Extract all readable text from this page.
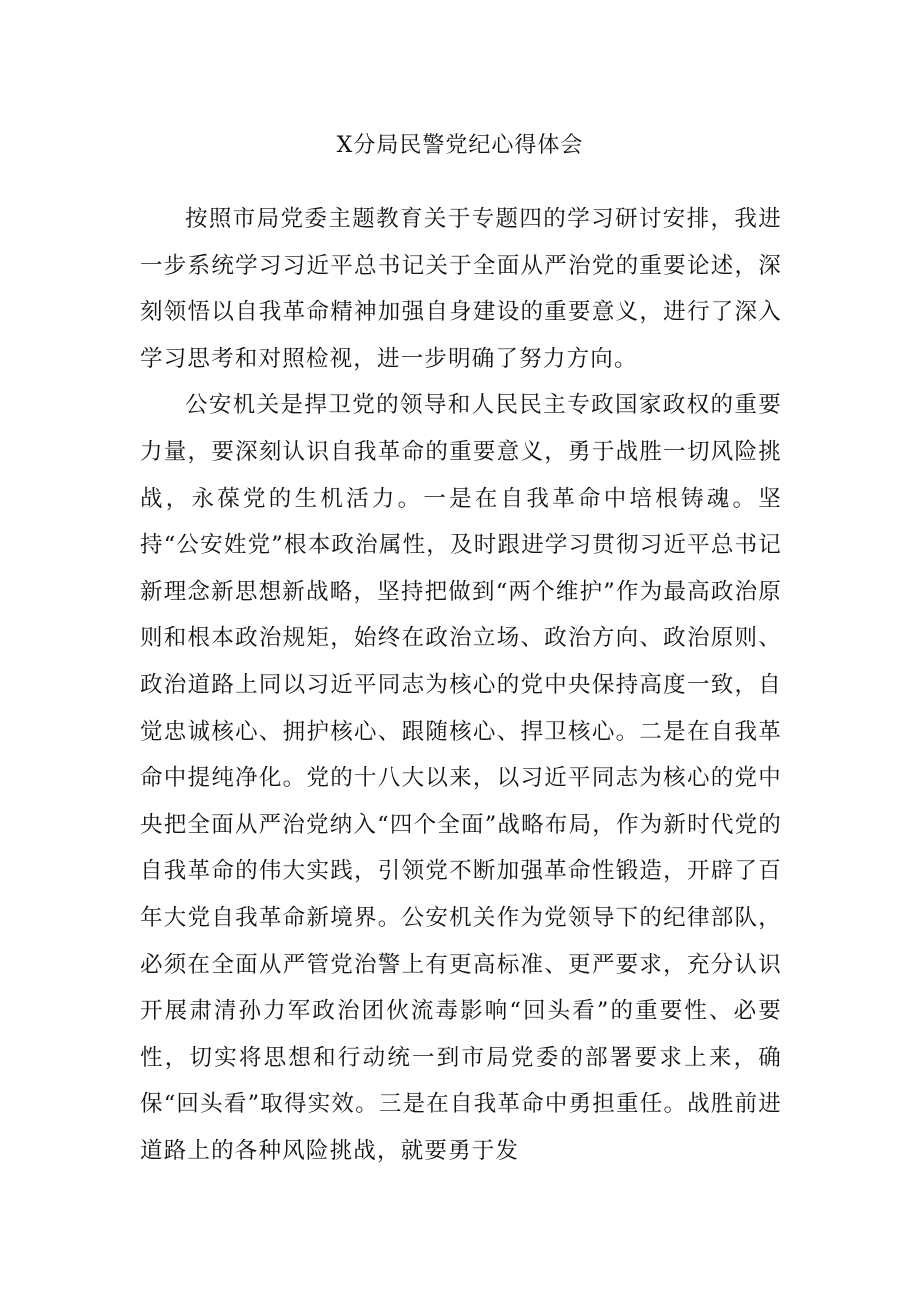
X分局民警党纪心得体会

按照市局党委主题教育关于专题四的学习研讨安排，我进一步系统学习习近平总书记关于全面从严治党的重要论述，深刻领悟以自我革命精神加强自身建设的重要意义，进行了深入学习思考和对照检视，进一步明确了努力方向。

公安机关是捍卫党的领导和人民民主专政国家政权的重要力量，要深刻认识自我革命的重要意义，勇于战胜一切风险挑战，永葆党的生机活力。一是在自我革命中培根铸魂。坚持“公安姓党”根本政治属性，及时跟进学习贯彻习近平总书记新理念新思想新战略，坚持把做到“两个维护”作为最高政治原则和根本政治规矩，始终在政治立场、政治方向、政治原则、政治道路上同以习近平同志为核心的党中央保持高度一致，自觉忠诚核心、拥护核心、跟随核心、捍卫核心。二是在自我革命中提纯净化。党的十八大以来，以习近平同志为核心的党中央把全面从严治党纳入“四个全面”战略布局，作为新时代党的自我革命的伟大实践，引领党不断加强革命性锻造，开辟了百年大党自我革命新境界。公安机关作为党领导下的纪律部队，必须在全面从严管党治警上有更高标准、更严要求，充分认识开展肃清孙力军政治团伙流毒影响“回头看”的重要性、必要性，切实将思想和行动统一到市局党委的部署要求上来，确保“回头看”取得实效。三是在自我革命中勇担重任。战胜前进道路上的各种风险挑战，就要勇于发
